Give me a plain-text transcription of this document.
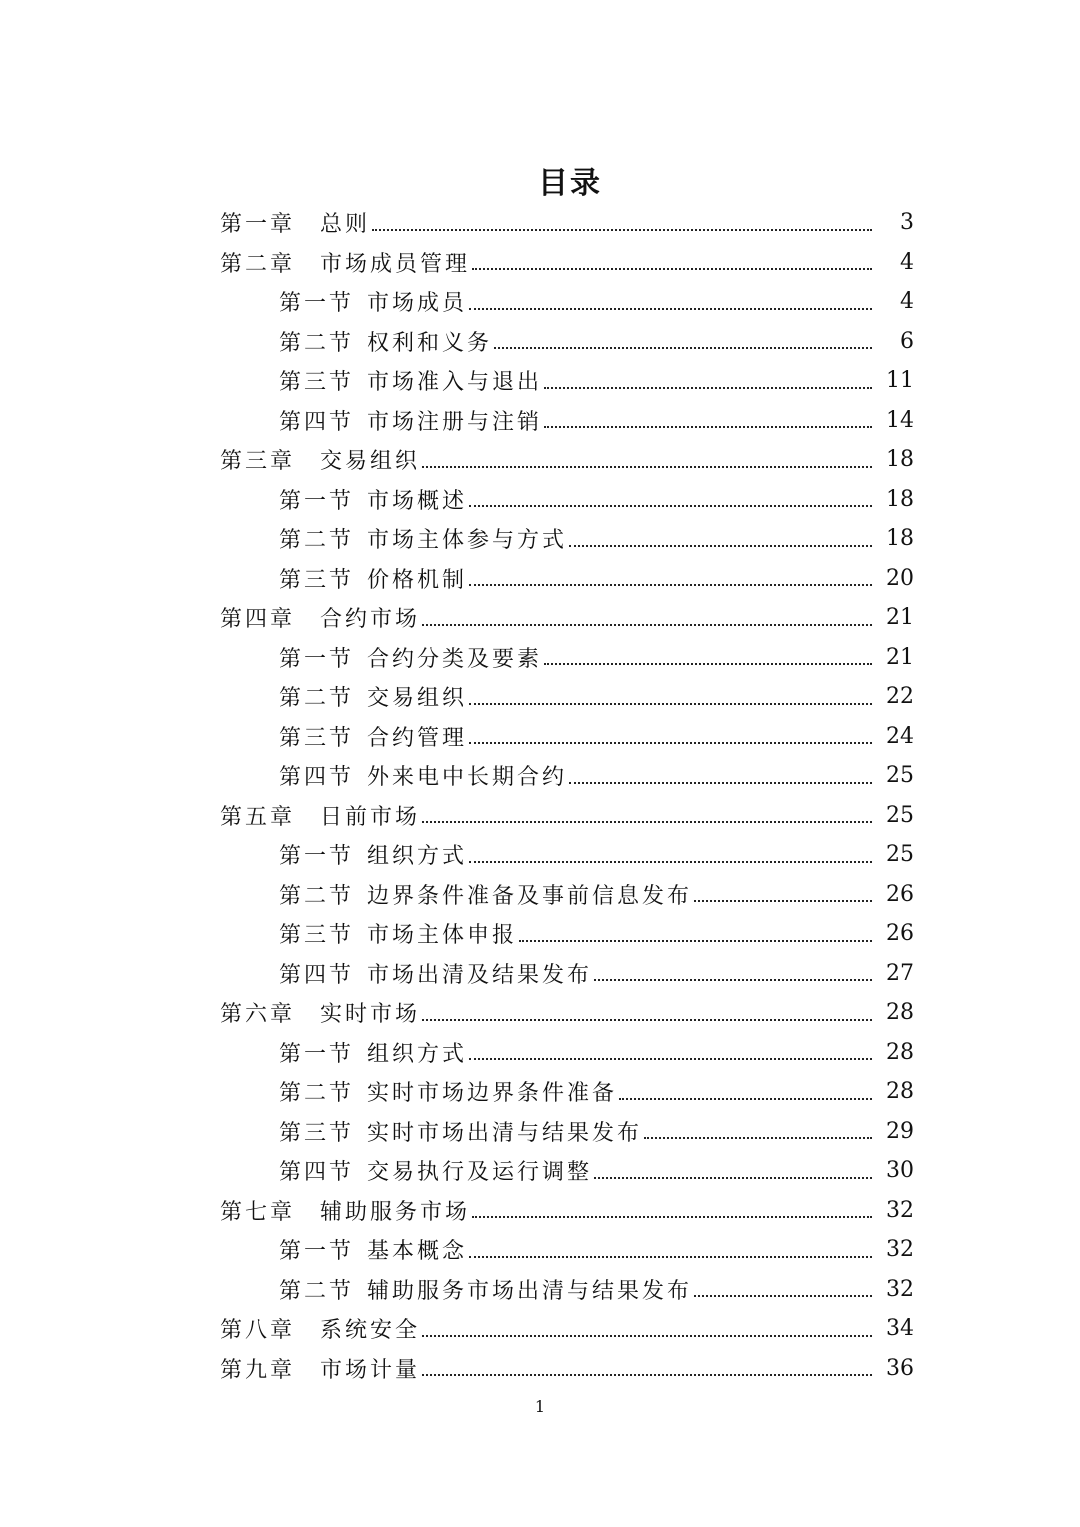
目录
第一章	总则	3
第二章	市场成员管理	4
第一节 市场成员	4
第二节 权利和义务	6
第三节 市场准入与退出	11
第四节 市场注册与注销	14
第三章	交易组织	18
第一节 市场概述	18
第二节 市场主体参与方式	18
第三节 价格机制	20
第四章	合约市场	21
第一节 合约分类及要素	21
第二节 交易组织	22
第三节 合约管理	24
第四节 外来电中长期合约	25
第五章	日前市场	25
第一节 组织方式	25
第二节 边界条件准备及事前信息发布	26
第三节 市场主体申报	26
第四节 市场出清及结果发布	27
第六章	实时市场	28
第一节 组织方式	28
第二节 实时市场边界条件准备	28
第三节 实时市场出清与结果发布	29
第四节 交易执行及运行调整	30
第七章	辅助服务市场	32
第一节 基本概念	32
第二节 辅助服务市场出清与结果发布	32
第八章	系统安全	34
第九章	市场计量	36
1
